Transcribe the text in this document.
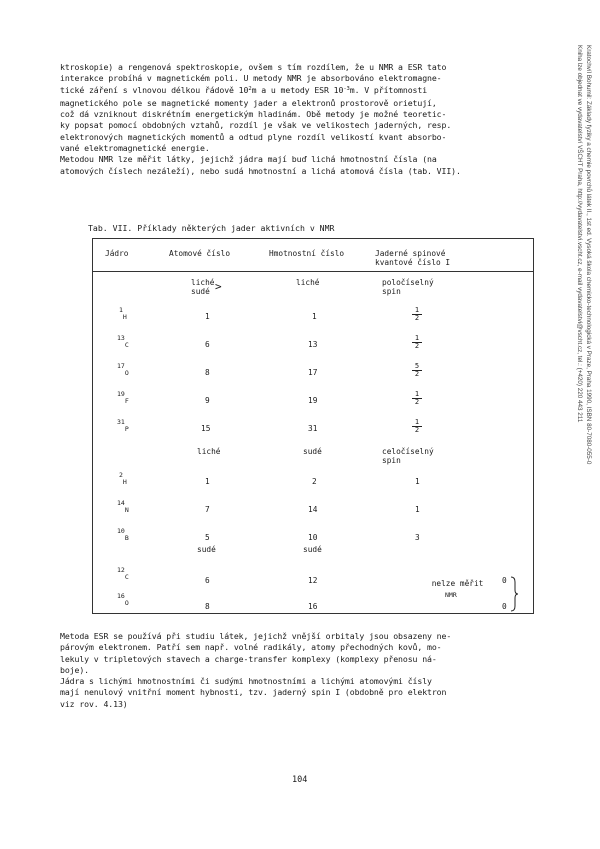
ktroskopie) a rengenová spektroskopie, ovšem s tím rozdílem, že u NMR a ESR tato
interakce probíhá v magnetickém poli. U metody NMR je absorbováno elektromagne-
tické záření s vlnovou délkou řádově $10^2m$ a u metody ESR $10^{-3}m$. V přítomnosti
magnetického pole se magnetické momenty jader a elektronů prostorově orietují,
což dá vzniknout diskrétním energetickým hladinám. Obě metody je možné teoretic-
ky popsat pomocí obdobných vztahů, rozdíl je však ve velikostech jaderných, resp.
elektronových magnetických momentů a odtud plyne rozdíl velikostí kvant absorbo-
vané elektromagnetické energie.
Metodou NMR lze měřit látky, jejichž jádra mají buď lichá hmotnostní čísla (na
atomových číslech nezáleží), nebo sudá hmotnostní a lichá atomová čísla (tab. VII).	Kratochvíl Bohumil: Základy fyziky a chemie povrchů látek II., 1st ed. Vysoká škola chemicko-technologická v Praze, Praha 1990, ISBN 80-7080-055-0
Kniha lze objednat ve vydavatelství VŠCHT Praha, http://vydavatelstvi.vscht.cz, e-mail vydavatelstvi@vscht.cz, tel.: (+420) 220 443 211
Tab. VII. Příklady některých jader aktivních v NMR
Jádro	Atomové číslo	Hmotnostní číslo	Jaderné spinové
kvantové číslo I
liché
sudé >	liché	poločíselný
spin
$^1_H$	1	1	$\frac{1}{2}$
$^{13}_C$	6	13	$\frac{1}{2}$
$^{17}_O$	8	17	$\frac{5}{2}$
$^{19}_F$	9	19	$\frac{1}{2}$
$^{31}_P$	15	31	$\frac{1}{2}$
liché	sudé	celočíselný
spin
$^2_H$	1	2	1
$^{14}_N$	7	14	1
$^{10}_B$	5	10	3
sudé	sudé
$^{12}_C$	6	12	0
$^{16}_O$	8	16	0
nelze měřit
NMR
Metoda ESR se používá při studiu látek, jejichž vnější orbitaly jsou obsazeny ne-
párovým elektronem. Patří sem např. volné radikály, atomy přechodných kovů, mo-
lekuly v tripletových stavech a charge-transfer komplexy (komplexy přenosu ná-
boje).
Jádra s lichými hmotnostními či sudými hmotnostními a lichými atomovými čísly
mají nenulový vnitřní moment hybnosti, tzv. jaderný spin I (obdobně pro elektron
viz rov. 4.13)
104
